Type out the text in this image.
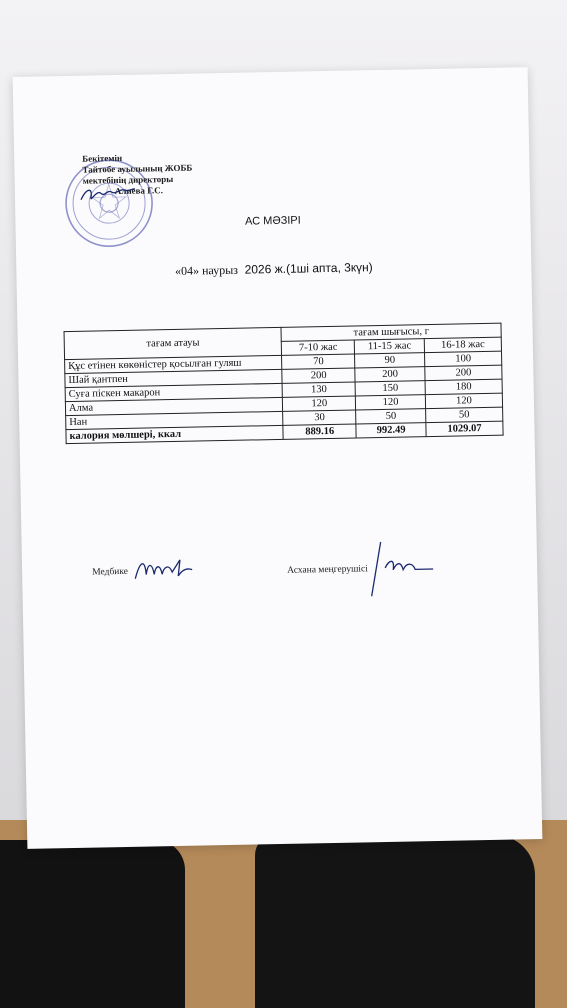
Бекітемін
Тайтөбе ауылының ЖОББ
мектебінің директоры
Алиева Г.С.
АС МӘЗІРІ
«04» наурыз 2026 ж.(1ші апта, 3күн)
тағам атауы	тағам шығысы, г		
	7-10 жас	11-15 жас	16-18 жас
Құс етінен көкөністер қосылған гуляш	70	90	100
Шай қантпен	200	200	200
Суға піскен макарон	130	150	180
Алма	120	120	120
Нан	30	50	50
калория мөлшері, ккал	889.16	992.49	1029.07
Медбике	Асхана меңгерушісі
